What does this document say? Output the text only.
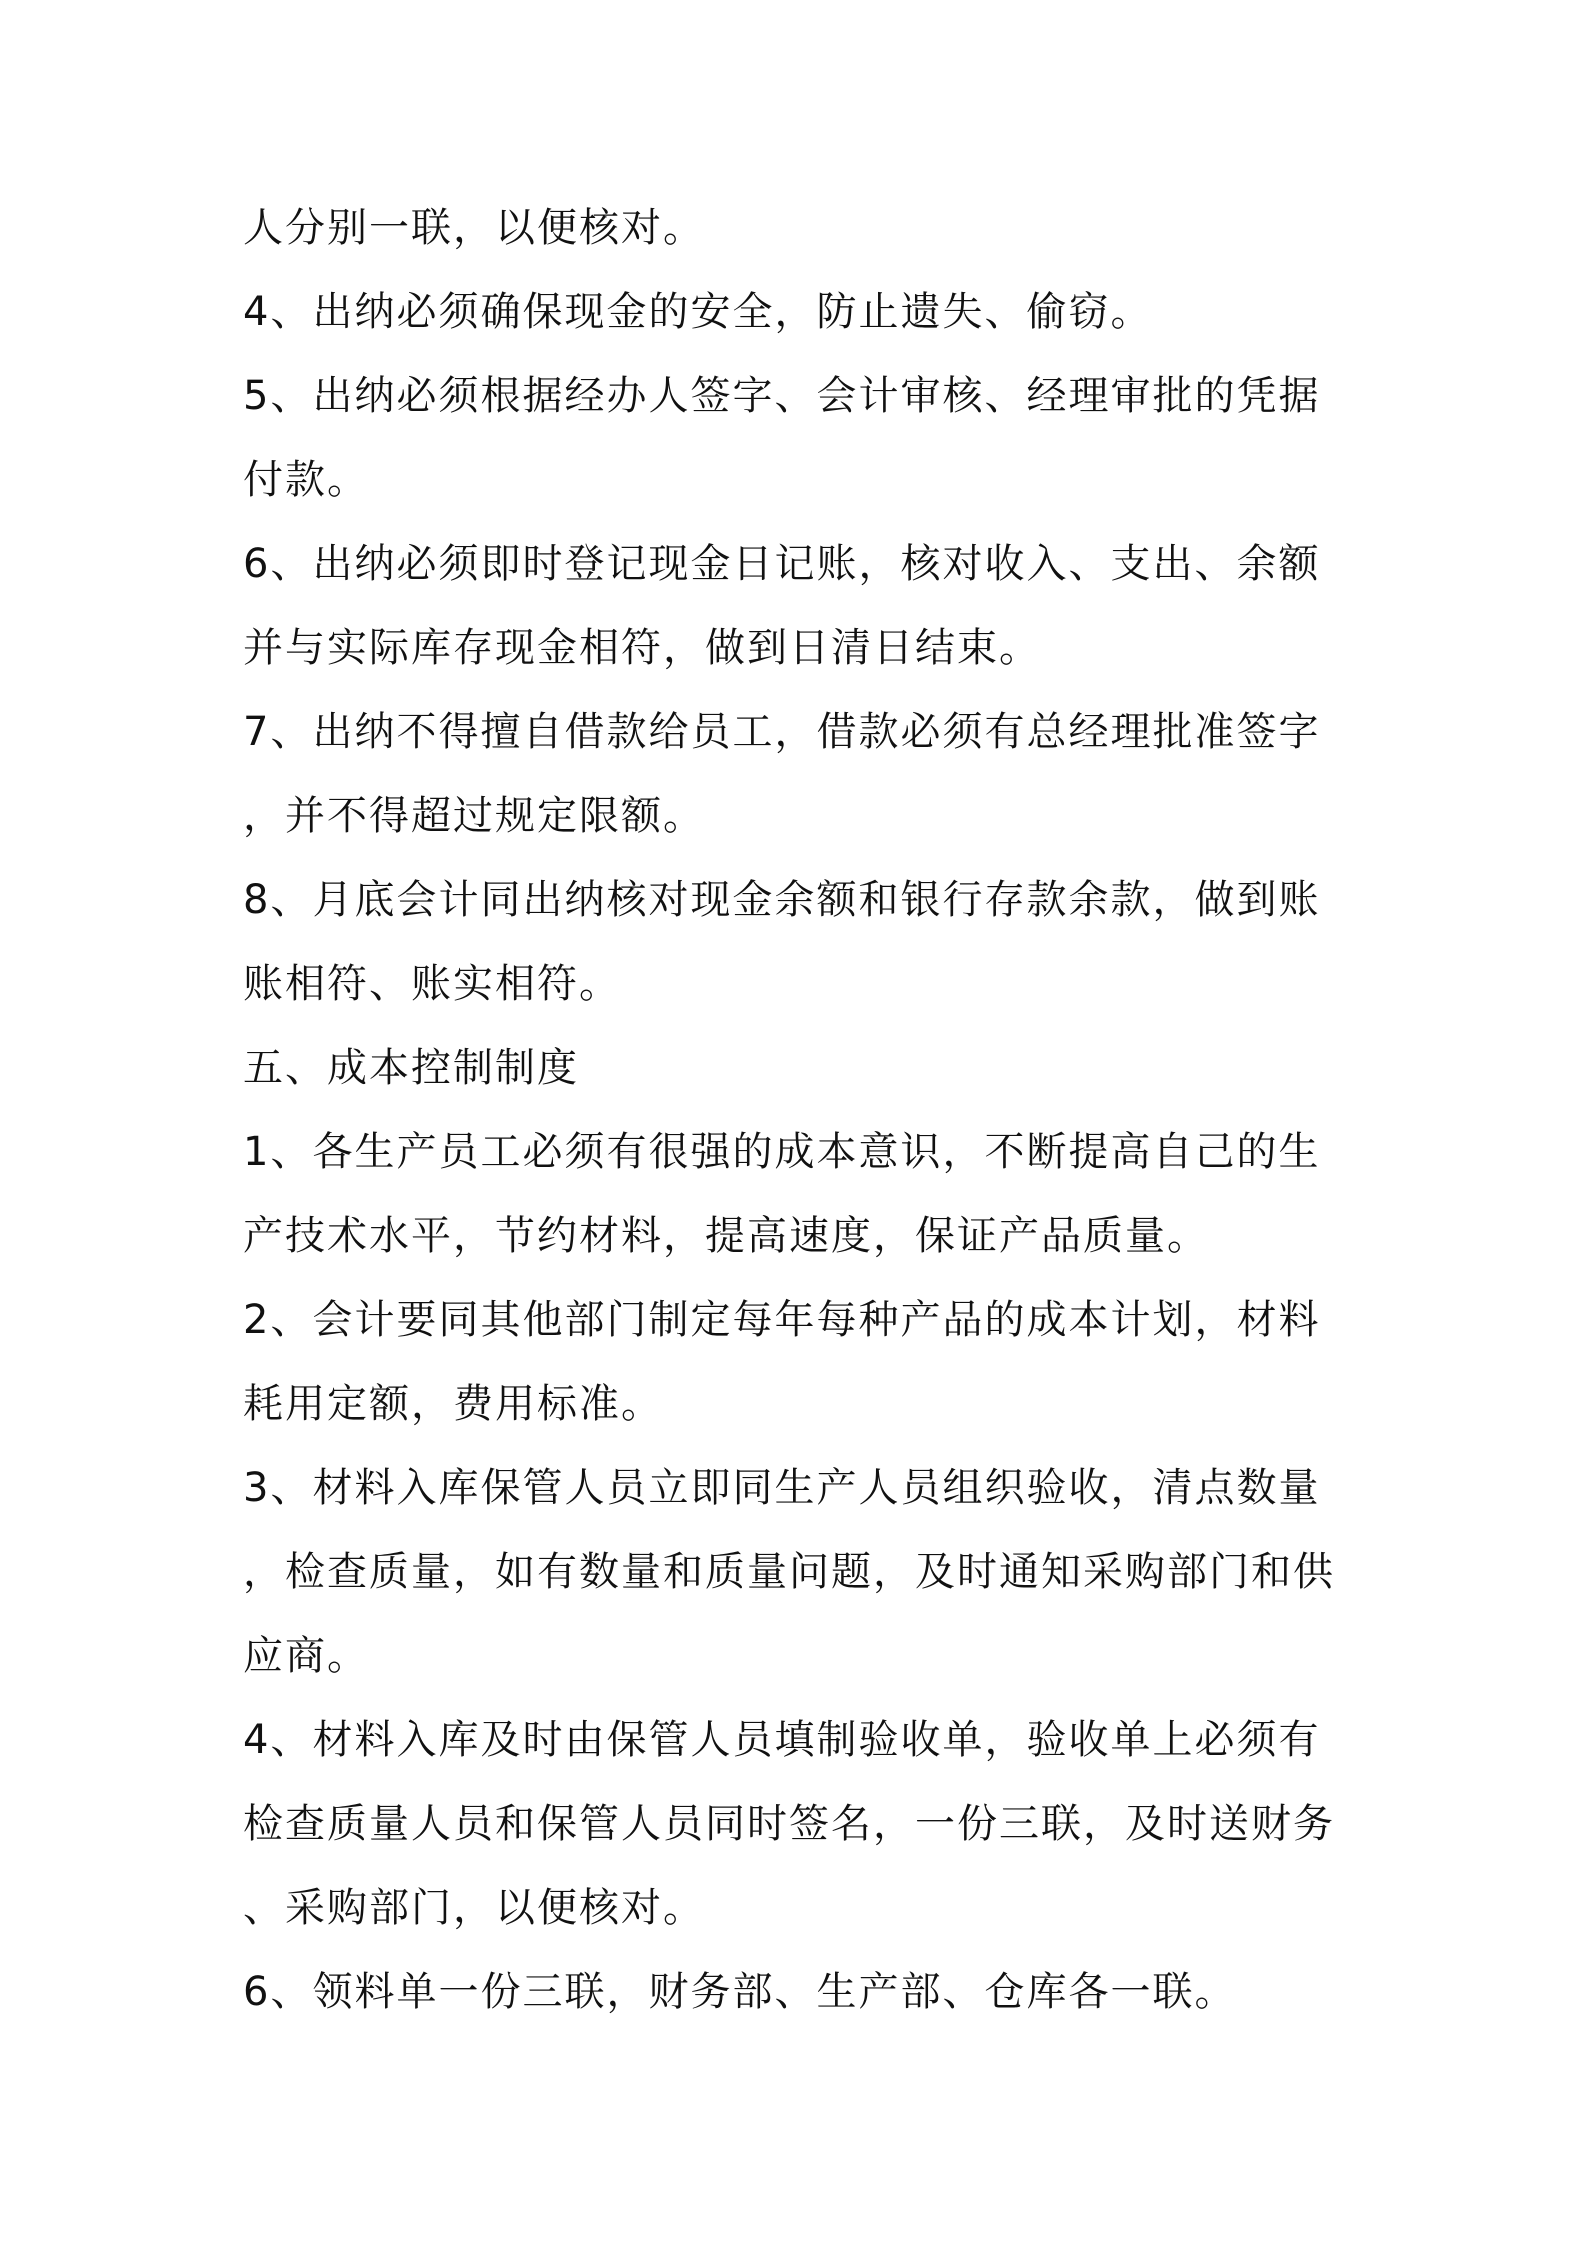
人分别一联，以便核对。
4、出纳必须确保现金的安全，防止遗失、偷窃。
5、出纳必须根据经办人签字、会计审核、经理审批的凭据
付款。
6、出纳必须即时登记现金日记账，核对收入、支出、余额
并与实际库存现金相符，做到日清日结束。
7、出纳不得擅自借款给员工，借款必须有总经理批准签字
，并不得超过规定限额。
8、月底会计同出纳核对现金余额和银行存款余款，做到账
账相符、账实相符。
五、成本控制制度
1、各生产员工必须有很强的成本意识，不断提高自己的生
产技术水平，节约材料，提高速度，保证产品质量。
2、会计要同其他部门制定每年每种产品的成本计划，材料
耗用定额，费用标准。
3、材料入库保管人员立即同生产人员组织验收，清点数量
，检查质量，如有数量和质量问题，及时通知采购部门和供
应商。
4、材料入库及时由保管人员填制验收单，验收单上必须有
检查质量人员和保管人员同时签名，一份三联，及时送财务
、采购部门，以便核对。
6、领料单一份三联，财务部、生产部、仓库各一联。
